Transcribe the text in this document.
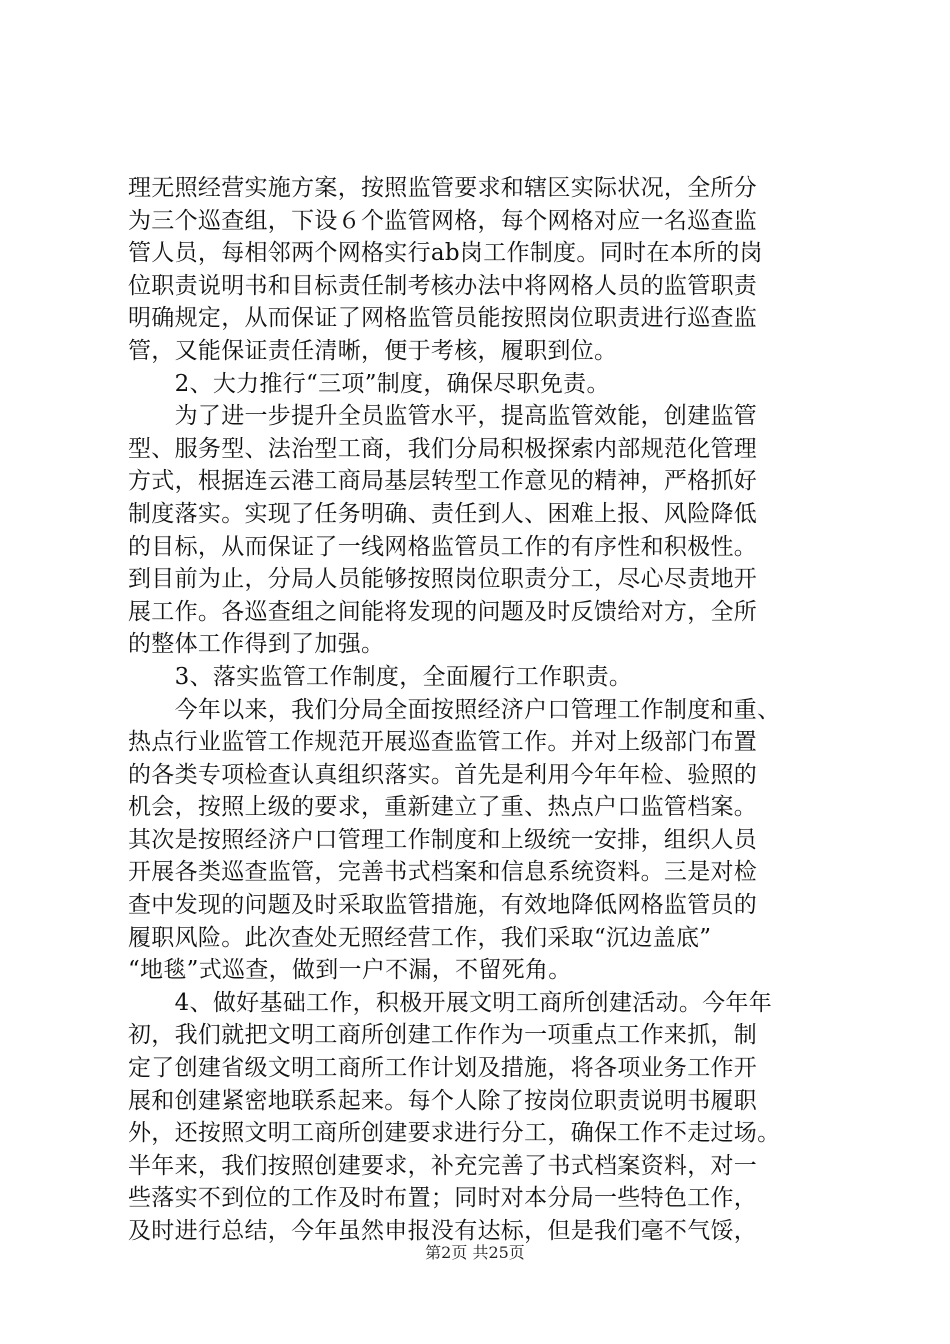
理无照经营实施方案，按照监管要求和辖区实际状况，全所分
为三个巡查组，下设６个监管网格，每个网格对应一名巡查监
管人员，每相邻两个网格实行ab岗工作制度。同时在本所的岗
位职责说明书和目标责任制考核办法中将网格人员的监管职责
明确规定，从而保证了网格监管员能按照岗位职责进行巡查监
管，又能保证责任清晰，便于考核，履职到位。
　　2、大力推行“三项”制度，确保尽职免责。
　　为了进一步提升全员监管水平，提高监管效能，创建监管
型、服务型、法治型工商，我们分局积极探索内部规范化管理
方式，根据连云港工商局基层转型工作意见的精神，严格抓好
制度落实。实现了任务明确、责任到人、困难上报、风险降低
的目标，从而保证了一线网格监管员工作的有序性和积极性。
到目前为止，分局人员能够按照岗位职责分工，尽心尽责地开
展工作。各巡查组之间能将发现的问题及时反馈给对方，全所
的整体工作得到了加强。
　　3、落实监管工作制度，全面履行工作职责。
　　今年以来，我们分局全面按照经济户口管理工作制度和重、
热点行业监管工作规范开展巡查监管工作。并对上级部门布置
的各类专项检查认真组织落实。首先是利用今年年检、验照的
机会，按照上级的要求，重新建立了重、热点户口监管档案。
其次是按照经济户口管理工作制度和上级统一安排，组织人员
开展各类巡查监管，完善书式档案和信息系统资料。三是对检
查中发现的问题及时采取监管措施，有效地降低网格监管员的
履职风险。此次查处无照经营工作，我们采取“沉边盖底”
“地毯”式巡查，做到一户不漏，不留死角。
　　4、做好基础工作，积极开展文明工商所创建活动。今年年
初，我们就把文明工商所创建工作作为一项重点工作来抓，制
定了创建省级文明工商所工作计划及措施，将各项业务工作开
展和创建紧密地联系起来。每个人除了按岗位职责说明书履职
外，还按照文明工商所创建要求进行分工，确保工作不走过场。
半年来，我们按照创建要求，补充完善了书式档案资料，对一
些落实不到位的工作及时布置；同时对本分局一些特色工作，
及时进行总结，今年虽然申报没有达标，但是我们毫不气馁，
第2页 共25页
